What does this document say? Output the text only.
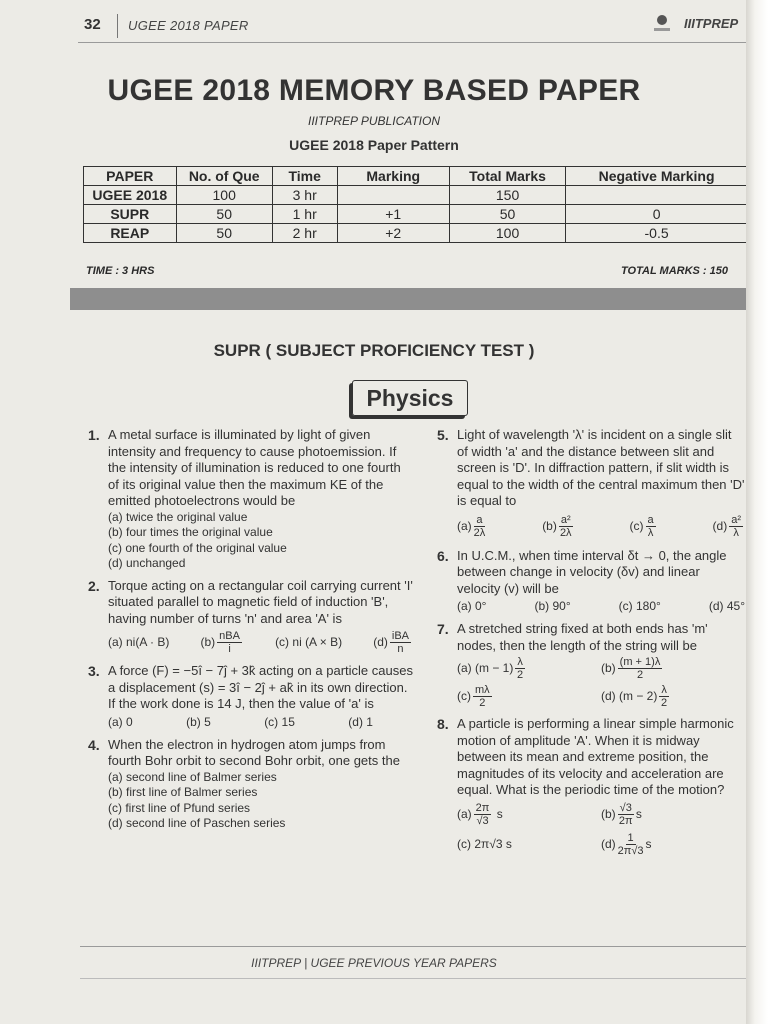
32 UGEE 2018 PAPER	IIITPREP
UGEE 2018 MEMORY BASED PAPER
IIITPREP PUBLICATION
UGEE 2018 Paper Pattern
PAPER	No. of Que	Time	Marking	Total Marks	Negative Marking
UGEE 2018	100	3 hr		150	
SUPR	50	1 hr	+1	50	0
REAP	50	2 hr	+2	100	-0.5
TIME : 3 HRS	TOTAL MARKS : 150
SUPR ( SUBJECT PROFICIENCY TEST )
Physics
1. A metal surface is illuminated by light of given intensity and frequency to cause photoemission. If the intensity of illumination is reduced to one fourth of its original value then the maximum KE of the emitted photoelectrons would be
(a) twice the original value
(b) four times the original value
(c) one fourth of the original value
(d) unchanged
2. Torque acting on a rectangular coil carrying current 'I' situated parallel to magnetic field of induction 'B', having number of turns 'n' and area 'A' is
(a) ni(A · B)	$(b) \frac{\text{nBA}}{i}$	(c) ni (A × B)	$(d) \frac{\text{iBA}}{n}$
3. A force (F) = −5î − 7ĵ + 3k̂ acting on a particle causes a displacement (s) = 3î − 2ĵ + ak̂ in its own direction. If the work done is 14 J, then the value of 'a' is
(a) 0	(b) 5	(c) 15	(d) 1
4. When the electron in hydrogen atom jumps from fourth Bohr orbit to second Bohr orbit, one gets the
(a) second line of Balmer series
(b) first line of Balmer series
(c) first line of Pfund series
(d) second line of Paschen series
5. Light of wavelength 'λ' is incident on a single slit of width 'a' and the distance between slit and screen is 'D'. In diffraction pattern, if slit width is equal to the width of the central maximum then 'D' is equal to
$(a) \frac{a}{2\lambda}$	$(b) \frac{\text{a²}}{2\lambda}$	$(c) \frac{a}{\lambda}$	$(d) \frac{\text{a²}}{\lambda}$
6. In U.C.M., when time interval δt → 0, the angle between change in velocity (δv) and linear velocity (v) will be
(a) 0°	(b) 90°	(c) 180°	(d) 45°
7. A stretched string fixed at both ends has 'm' nodes, then the length of the string will be
(a) $(m - 1) \frac{\lambda}{2}$	$(b) \frac{(m + 1)\lambda}{2}$
$(c) \frac{m\lambda}{2}$	(d) $(m - 2) \frac{\lambda}{2}$
8. A particle is performing a linear simple harmonic motion of amplitude 'A'. When it is midway between its mean and extreme position, the magnitudes of its velocity and acceleration are equal. What is the periodic time of the motion?
$(a) \frac{2\pi}{√3}$ s	$(b) \frac{√3}{2\pi}$ s
(c) 2π√3 s	$(d) \frac{1}{2\pi√3}$ s
IIITPREP | UGEE PREVIOUS YEAR PAPERS
